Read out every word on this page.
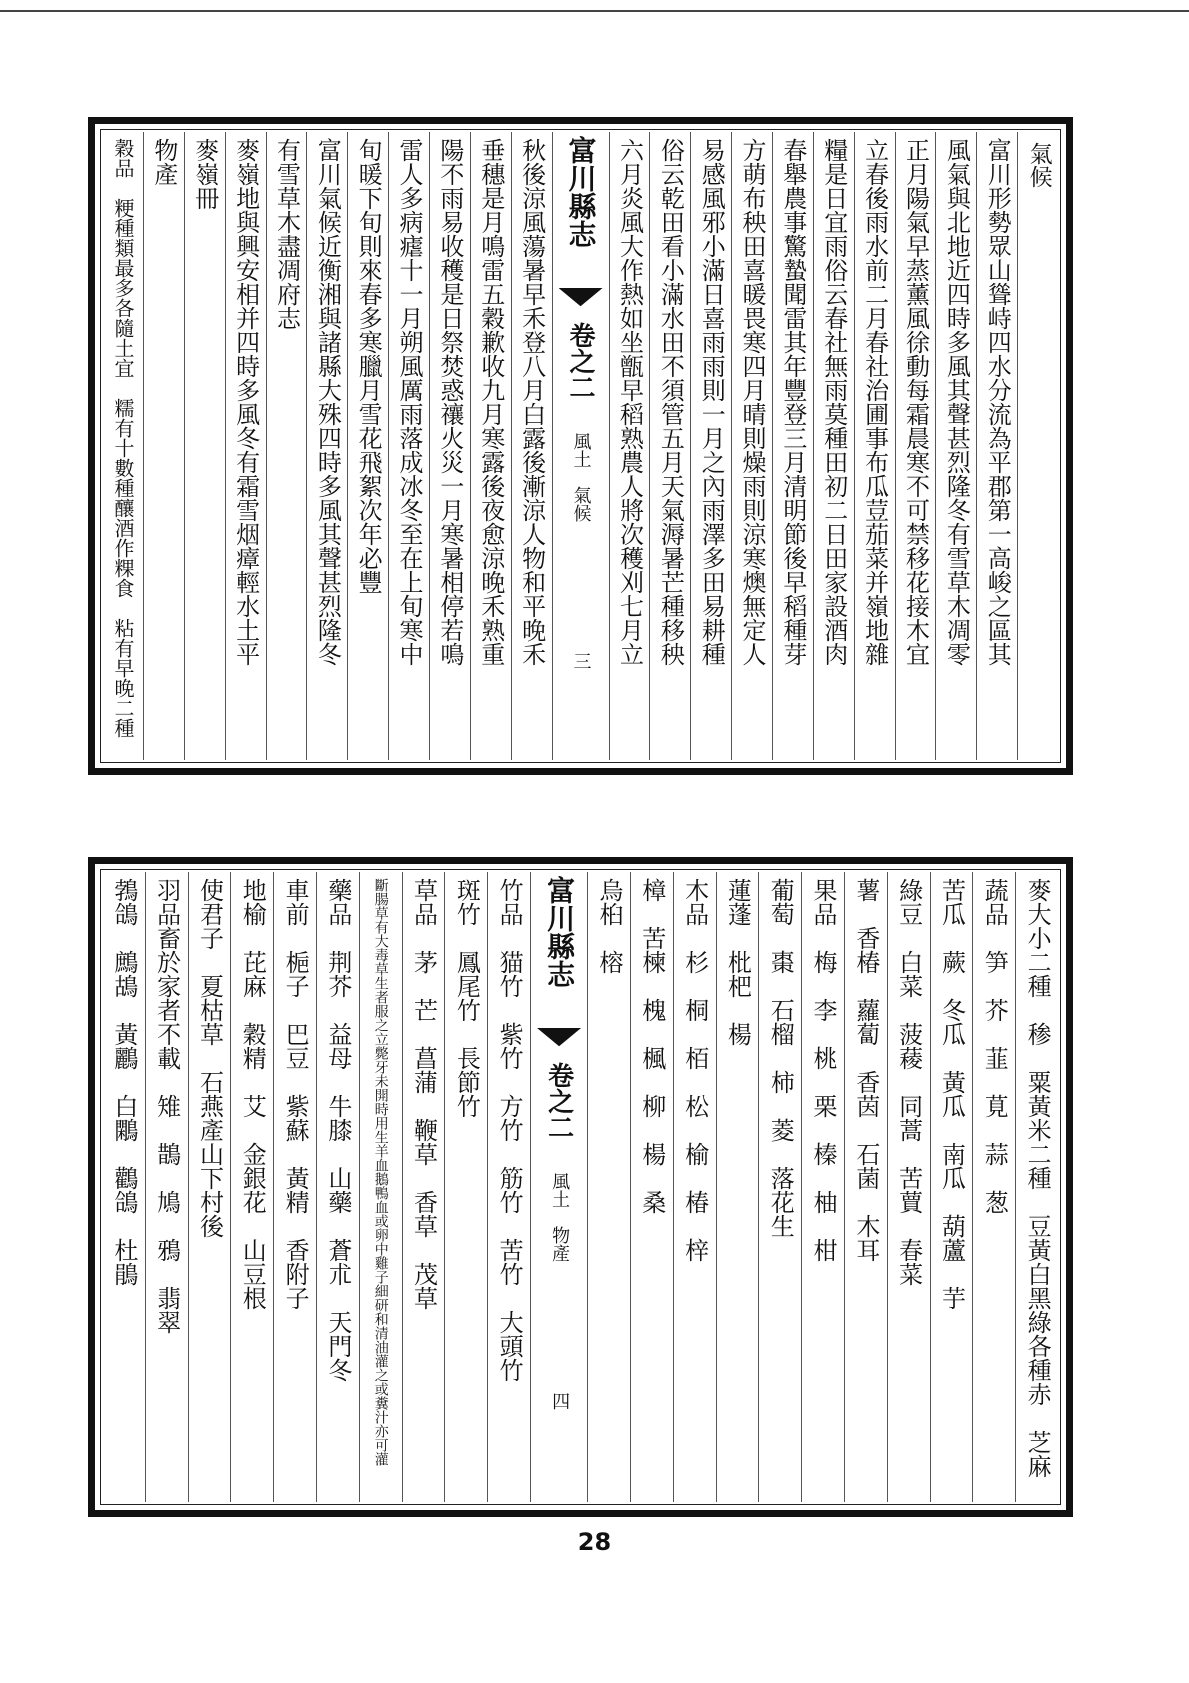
氣候
富川形勢眾山聳峙四水分流為平郡第一高峻之區其
風氣與北地近四時多風其聲甚烈隆冬有雪草木凋零
正月陽氣早蒸薰風徐動每霜晨寒不可禁移花接木宜
立春後雨水前二月春社治圃事布瓜荳茄菜并嶺地雜
糧是日宜雨俗云春社無雨莫種田初二日田家設酒肉
春舉農事驚蟄聞雷其年豐登三月清明節後早稻種芽
方萌布秧田喜暖畏寒四月晴則燥雨則涼寒燠無定人
易感風邪小滿日喜雨雨則一月之內雨澤多田易耕種
俗云乾田看小滿水田不須管五月天氣溽暑芒種移秧
六月炎風大作熱如坐甑早稻熟農人將次穫刈七月立
富川縣志
卷之二
風土　氣候
三
秋後涼風蕩暑早禾登八月白露後漸涼人物和平晚禾
垂穗是月鳴雷五穀歉收九月寒露後夜愈涼晚禾熟重
陽不雨易收穫是日祭焚惑禳火災一月寒暑相停若鳴
雷人多病瘧十一月朔風厲雨落成冰冬至在上旬寒中
旬暖下旬則來春多寒臘月雪花飛絮次年必豐
富川氣候近衡湘與諸縣大殊四時多風其聲甚烈隆冬
有雪草木盡凋府志
麥嶺地與興安相并四時多風冬有霜雪烟瘴輕水土平
麥嶺冊
物產
穀品　粳種類最多各隨土宜　糯有十數種釀酒作粿食　粘有早晚二種
麥大小二種　䅟　粟黃米二種　豆黃白黑綠各種赤　芝麻
蔬品　笋　芥　韮　莧　蒜　葱
苦瓜　蕨　冬瓜　黃瓜　南瓜　葫蘆　芋
綠豆　白菜　菠薐　同蒿　苦蕒　春菜
薯　香椿　蘿蔔　香茵　石菌　木耳
果品　梅　李　桃　栗　榛　柚　柑
葡萄　棗　石榴　柿　菱　落花生
蓮蓬　枇杷　楊
木品　杉　桐　栢　松　榆　椿　梓
樟　苦楝　槐　楓　柳　楊　桑
烏桕　榕
富川縣志
卷之二
風土　物產
四
竹品　猫竹　紫竹　方竹　筋竹　苦竹　大頭竹
斑竹　鳳尾竹　長節竹
草品　茅　芒　菖蒲　鞭草　香草　茂草
斷腸草有大毒草生者服之立斃牙未開時用生羊血鵝鴨血或卵中雞子細研和清油灌之或糞汁亦可灌
藥品　荆芥　益母　牛膝　山藥　蒼朮　天門冬
車前　梔子　巴豆　紫蘇　黃精　香附子
地榆　芘麻　穀精　艾　金銀花　山豆根
使君子　夏枯草　石燕產山下村後
羽品畜於家者不載　雉　鵲　鳩　鴉　翡翠
鵓鴿　鷓鴣　黃鸝　白鷴　鸛鴿　杜鵑
28
